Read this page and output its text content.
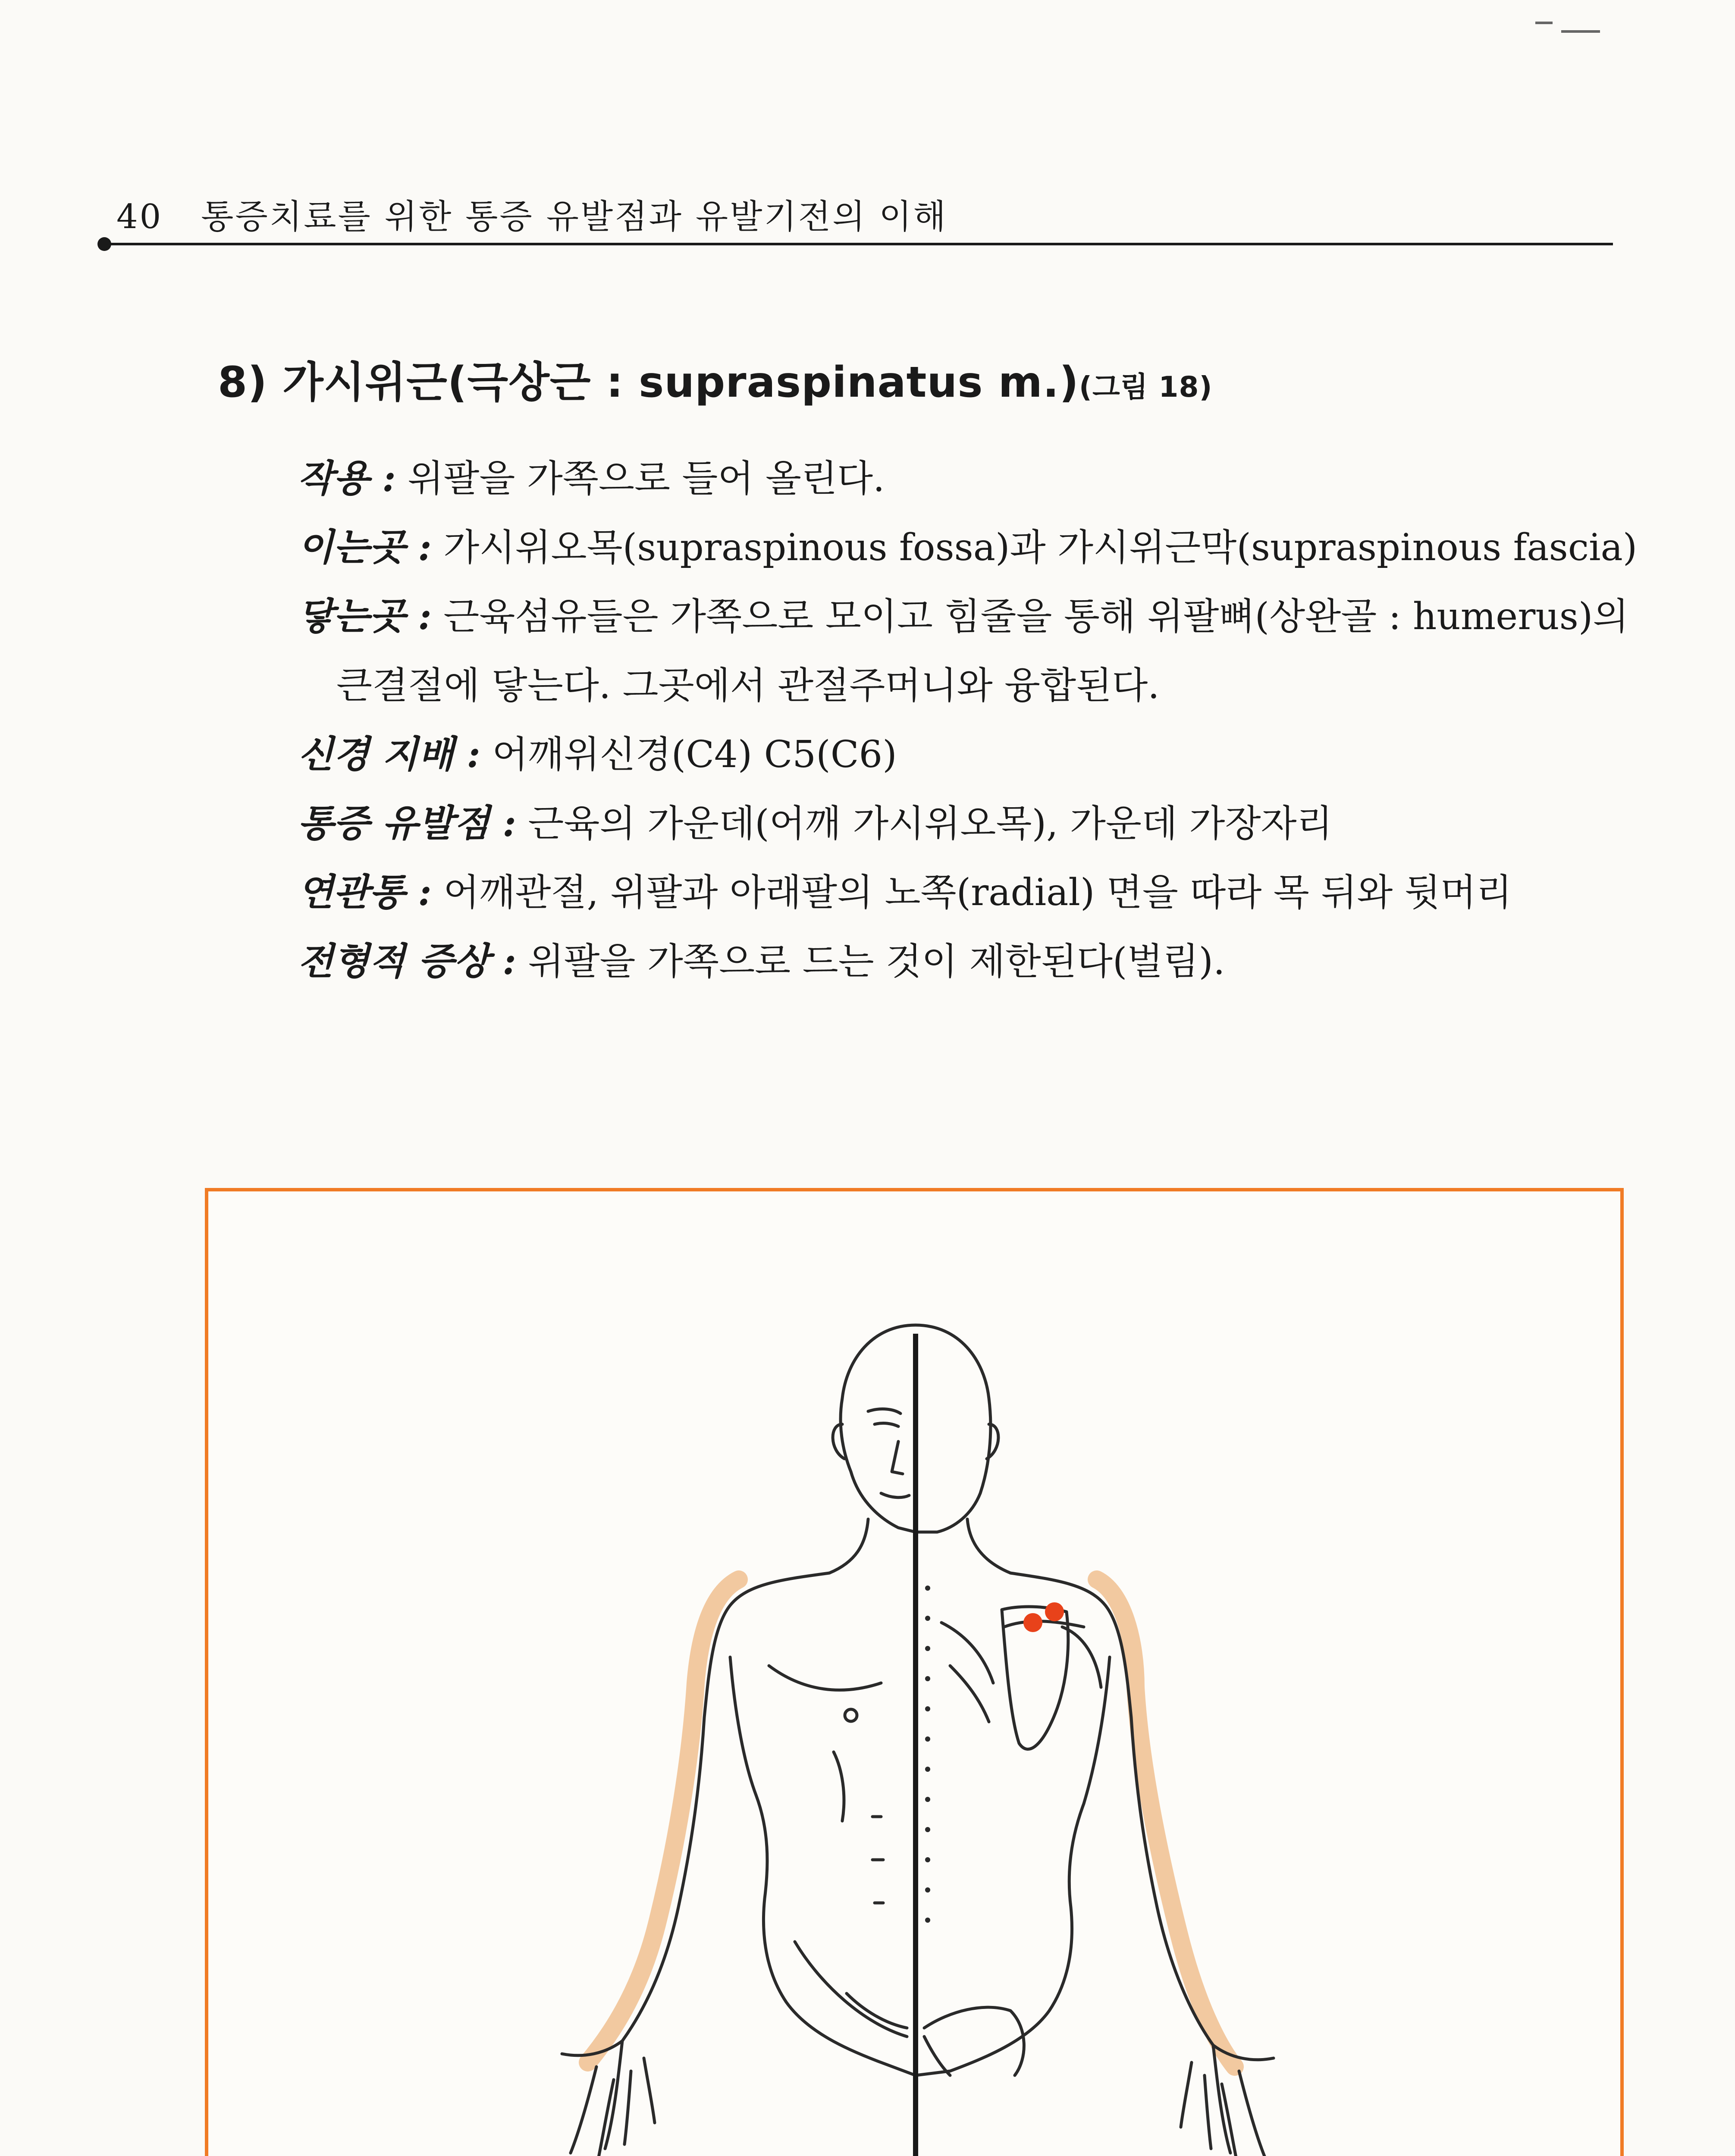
40 통증치료를 위한 통증 유발점과 유발기전의 이해
8) 가시위근(극상근 : supraspinatus m.)(그림 18)
작용 : 위팔을 가쪽으로 들어 올린다.
이는곳 : 가시위오목(supraspinous fossa)과 가시위근막(supraspinous fascia)
닿는곳 : 근육섬유들은 가쪽으로 모이고 힘줄을 통해 위팔뼈(상완골 : humerus)의
큰결절에 닿는다. 그곳에서 관절주머니와 융합된다.
신경 지배 : 어깨위신경(C4) C5(C6)
통증 유발점 : 근육의 가운데(어깨 가시위오목), 가운데 가장자리
연관통 : 어깨관절, 위팔과 아래팔의 노쪽(radial) 면을 따라 목 뒤와 뒷머리
전형적 증상 : 위팔을 가쪽으로 드는 것이 제한된다(벌림).
